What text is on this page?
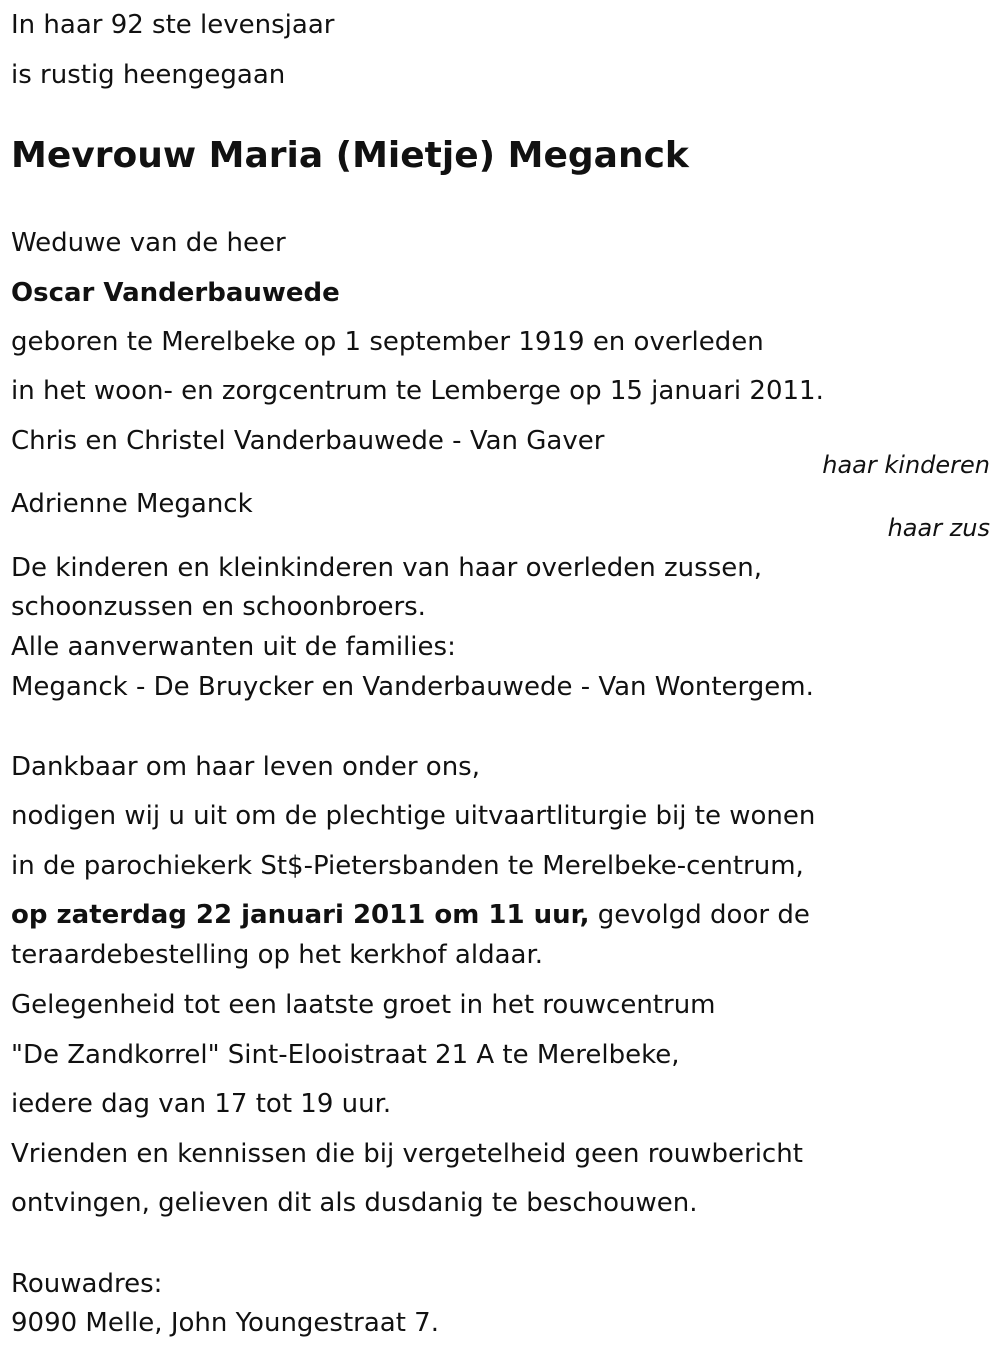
In haar 92 ste levensjaar
is rustig heengegaan
Mevrouw Maria (Mietje) Meganck
Weduwe van de heer
Oscar Vanderbauwede
geboren te Merelbeke op 1 september 1919 en overleden
in het woon- en zorgcentrum te Lemberge op 15 januari 2011.
Chris en Christel Vanderbauwede - Van Gaver
haar kinderen
Adrienne Meganck
haar zus
De kinderen en kleinkinderen van haar overleden zussen,
schoonzussen en schoonbroers.
Alle aanverwanten uit de families:
Meganck - De Bruycker en Vanderbauwede - Van Wontergem.
Dankbaar om haar leven onder ons,
nodigen wij u uit om de plechtige uitvaartliturgie bij te wonen
in de parochiekerk St$-Pietersbanden te Merelbeke-centrum,
op zaterdag 22 januari 2011 om 11 uur, gevolgd door de
teraardebestelling op het kerkhof aldaar.
Gelegenheid tot een laatste groet in het rouwcentrum
"De Zandkorrel" Sint-Elooistraat 21 A te Merelbeke,
iedere dag van 17 tot 19 uur.
Vrienden en kennissen die bij vergetelheid geen rouwbericht
ontvingen, gelieven dit als dusdanig te beschouwen.
Rouwadres:
9090 Melle, John Youngestraat 7.
